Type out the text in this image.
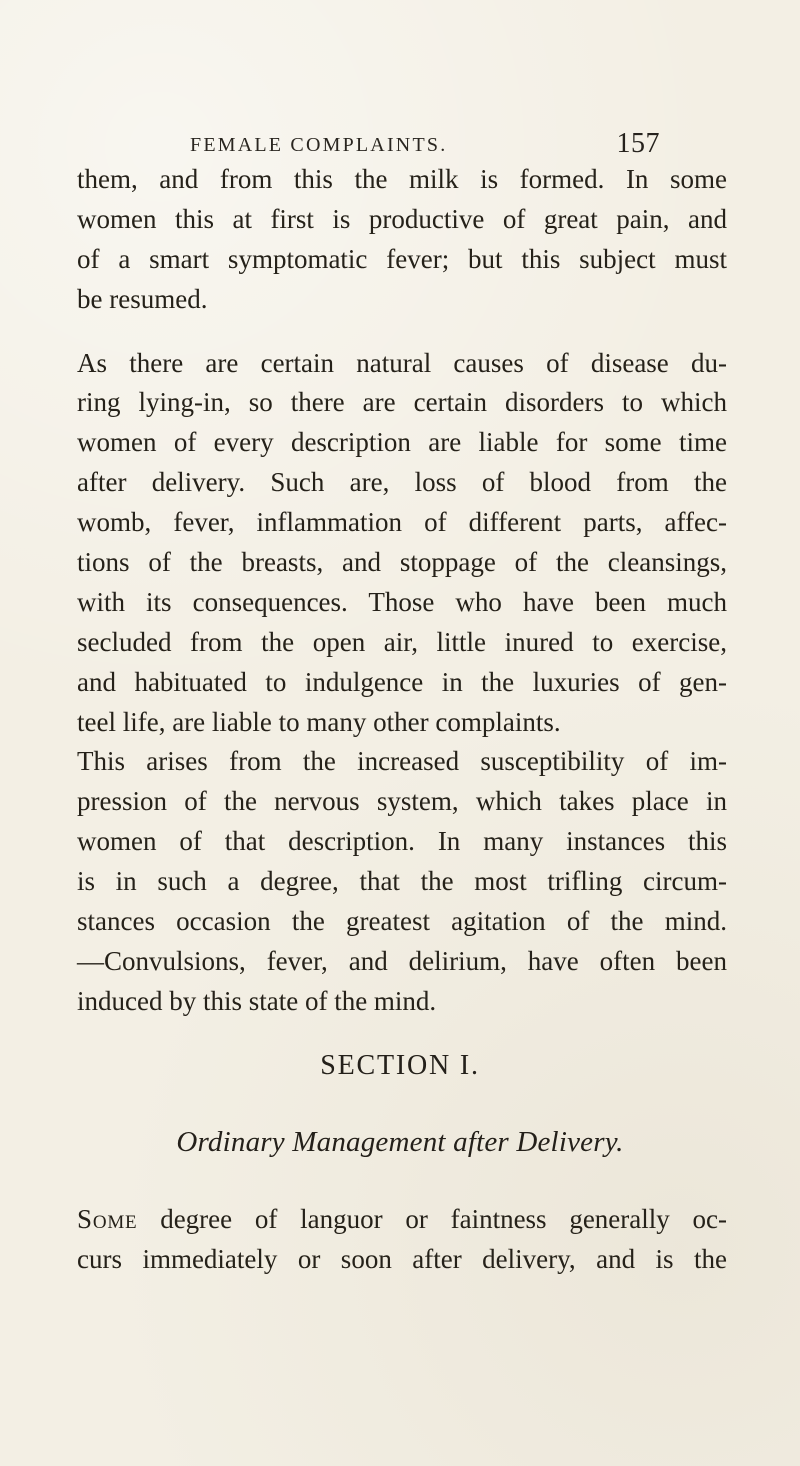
FEMALE COMPLAINTS.	157
them, and from this the milk is formed. In some
women this at first is productive of great pain, and
of a smart symptomatic fever; but this subject must
be resumed.
As there are certain natural causes of disease du-
ring lying-in, so there are certain disorders to which
women of every description are liable for some time
after delivery. Such are, loss of blood from the
womb, fever, inflammation of different parts, affec-
tions of the breasts, and stoppage of the cleansings,
with its consequences. Those who have been much
secluded from the open air, little inured to exercise,
and habituated to indulgence in the luxuries of gen-
teel life, are liable to many other complaints.
This arises from the increased susceptibility of im-
pression of the nervous system, which takes place in
women of that description. In many instances this
is in such a degree, that the most trifling circum-
stances occasion the greatest agitation of the mind.
—Convulsions, fever, and delirium, have often been
induced by this state of the mind.
SECTION I.
Ordinary Management after Delivery.
Some degree of languor or faintness generally oc-
curs immediately or soon after delivery, and is the
